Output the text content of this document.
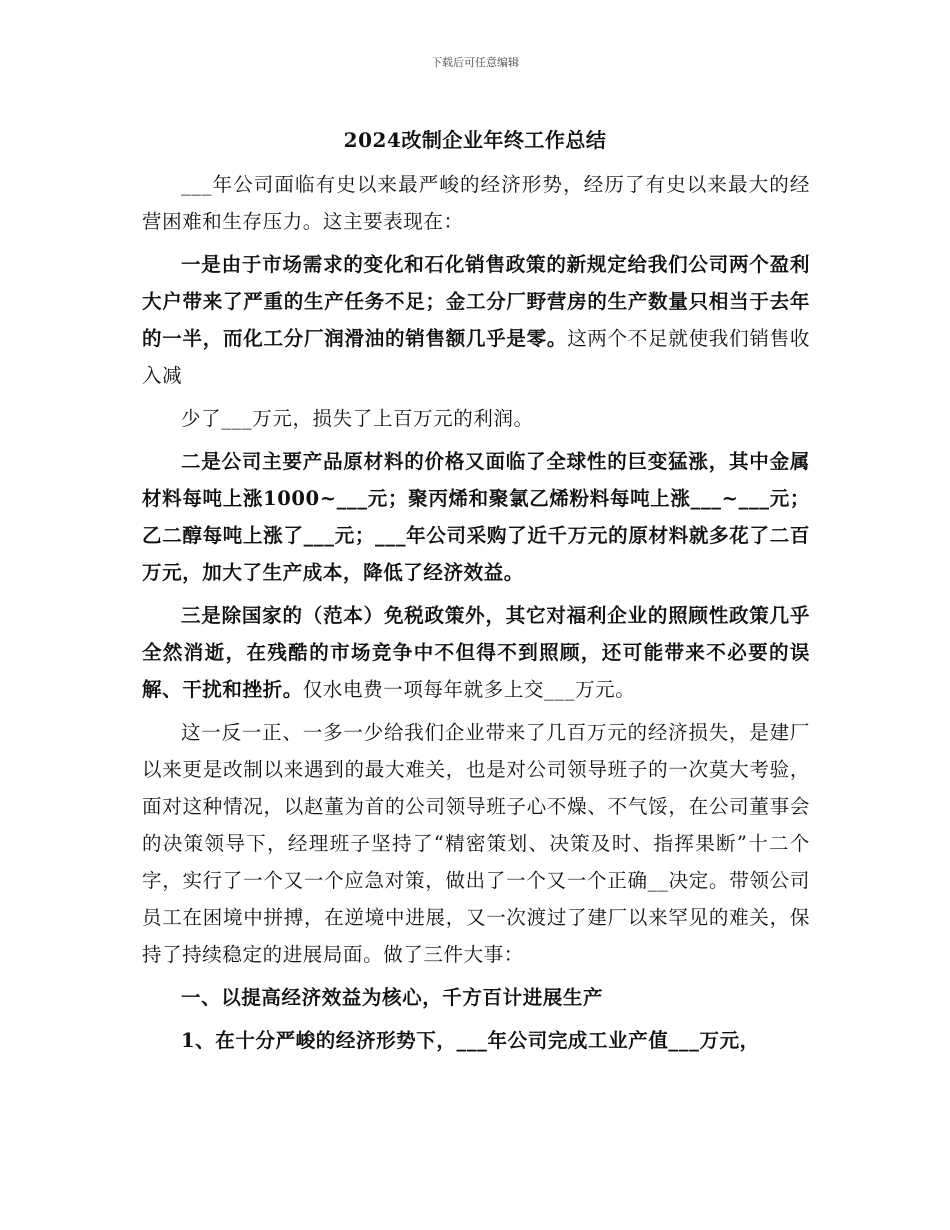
下载后可任意编辑
2024改制企业年终工作总结

___年公司面临有史以来最严峻的经济形势，经历了有史以来最大的经营困难和生存压力。这主要表现在：

一是由于市场需求的变化和石化销售政策的新规定给我们公司两个盈利大户带来了严重的生产任务不足；金工分厂野营房的生产数量只相当于去年的一半，而化工分厂润滑油的销售额几乎是零。这两个不足就使我们销售收入减

少了___万元，损失了上百万元的利润。

二是公司主要产品原材料的价格又面临了全球性的巨变猛涨，其中金属材料每吨上涨1000~___元；聚丙烯和聚氯乙烯粉料每吨上涨___~___元；乙二醇每吨上涨了___元；___年公司采购了近千万元的原材料就多花了二百万元，加大了生产成本，降低了经济效益。

三是除国家的（范本）免税政策外，其它对福利企业的照顾性政策几乎全然消逝，在残酷的市场竞争中不但得不到照顾，还可能带来不必要的误解、干扰和挫折。仅水电费一项每年就多上交___万元。

这一反一正、一多一少给我们企业带来了几百万元的经济损失，是建厂以来更是改制以来遇到的最大难关，也是对公司领导班子的一次莫大考验，面对这种情况，以赵董为首的公司领导班子心不燥、不气馁，在公司董事会的决策领导下，经理班子坚持了“精密策划、决策及时、指挥果断”十二个字，实行了一个又一个应急对策，做出了一个又一个正确__决定。带领公司员工在困境中拼搏，在逆境中进展，又一次渡过了建厂以来罕见的难关，保持了持续稳定的进展局面。做了三件大事：

一、以提高经济效益为核心，千方百计进展生产

1、在十分严峻的经济形势下，___年公司完成工业产值___万元，
